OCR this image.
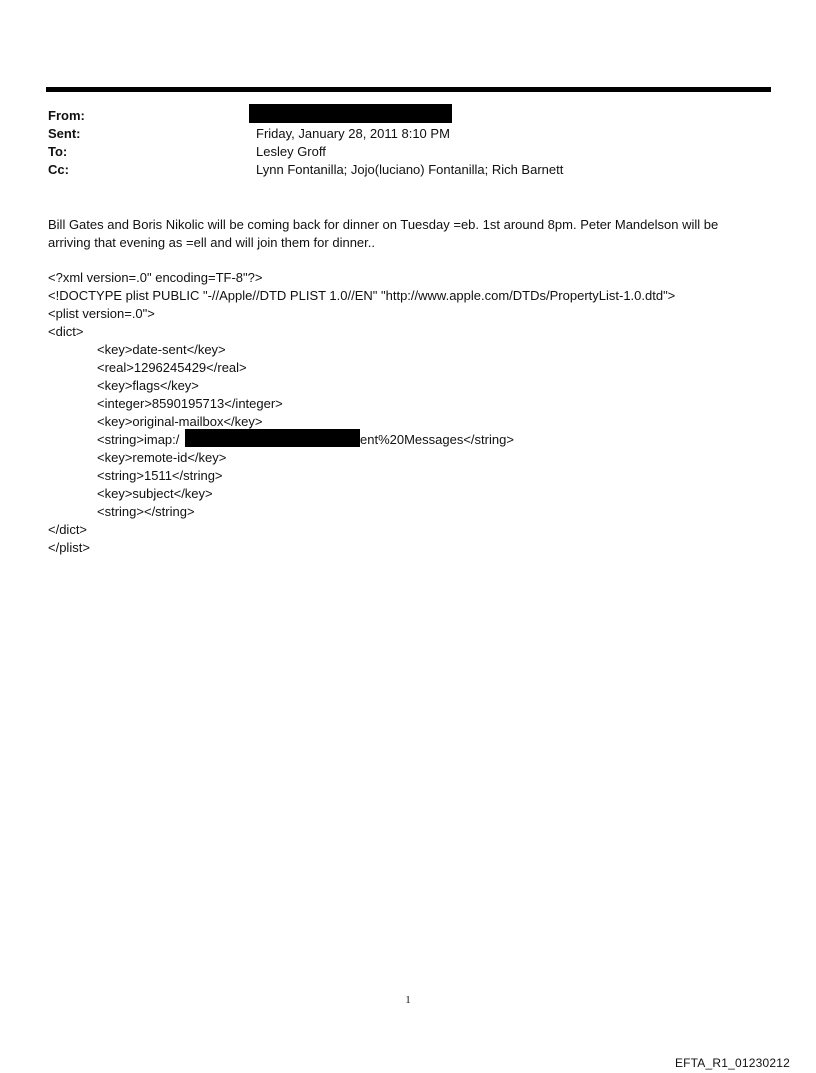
From:
Sent:	Friday, January 28, 2011 8:10 PM
To:	Lesley Groff
Cc:	Lynn Fontanilla; Jojo(luciano) Fontanilla; Rich Barnett
Bill Gates and Boris Nikolic will be coming back for dinner on Tuesday =eb. 1st around 8pm. Peter Mandelson will be
arriving that evening as =ell and will join them for dinner..
<?xml version=.0" encoding=TF-8"?>
<!DOCTYPE plist PUBLIC "-//Apple//DTD PLIST 1.0//EN" "http://www.apple.com/DTDs/PropertyList-1.0.dtd">
<plist version=.0">
<dict>
<key>date-sent</key>
<real>1296245429</real>
<key>flags</key>
<integer>8590195713</integer>
<key>original-mailbox</key>
<string>imap:/	ent%20Messages</string>
<key>remote-id</key>
<string>1511</string>
<key>subject</key>
<string></string>
</dict>
</plist>
1
EFTA_R1_01230212
